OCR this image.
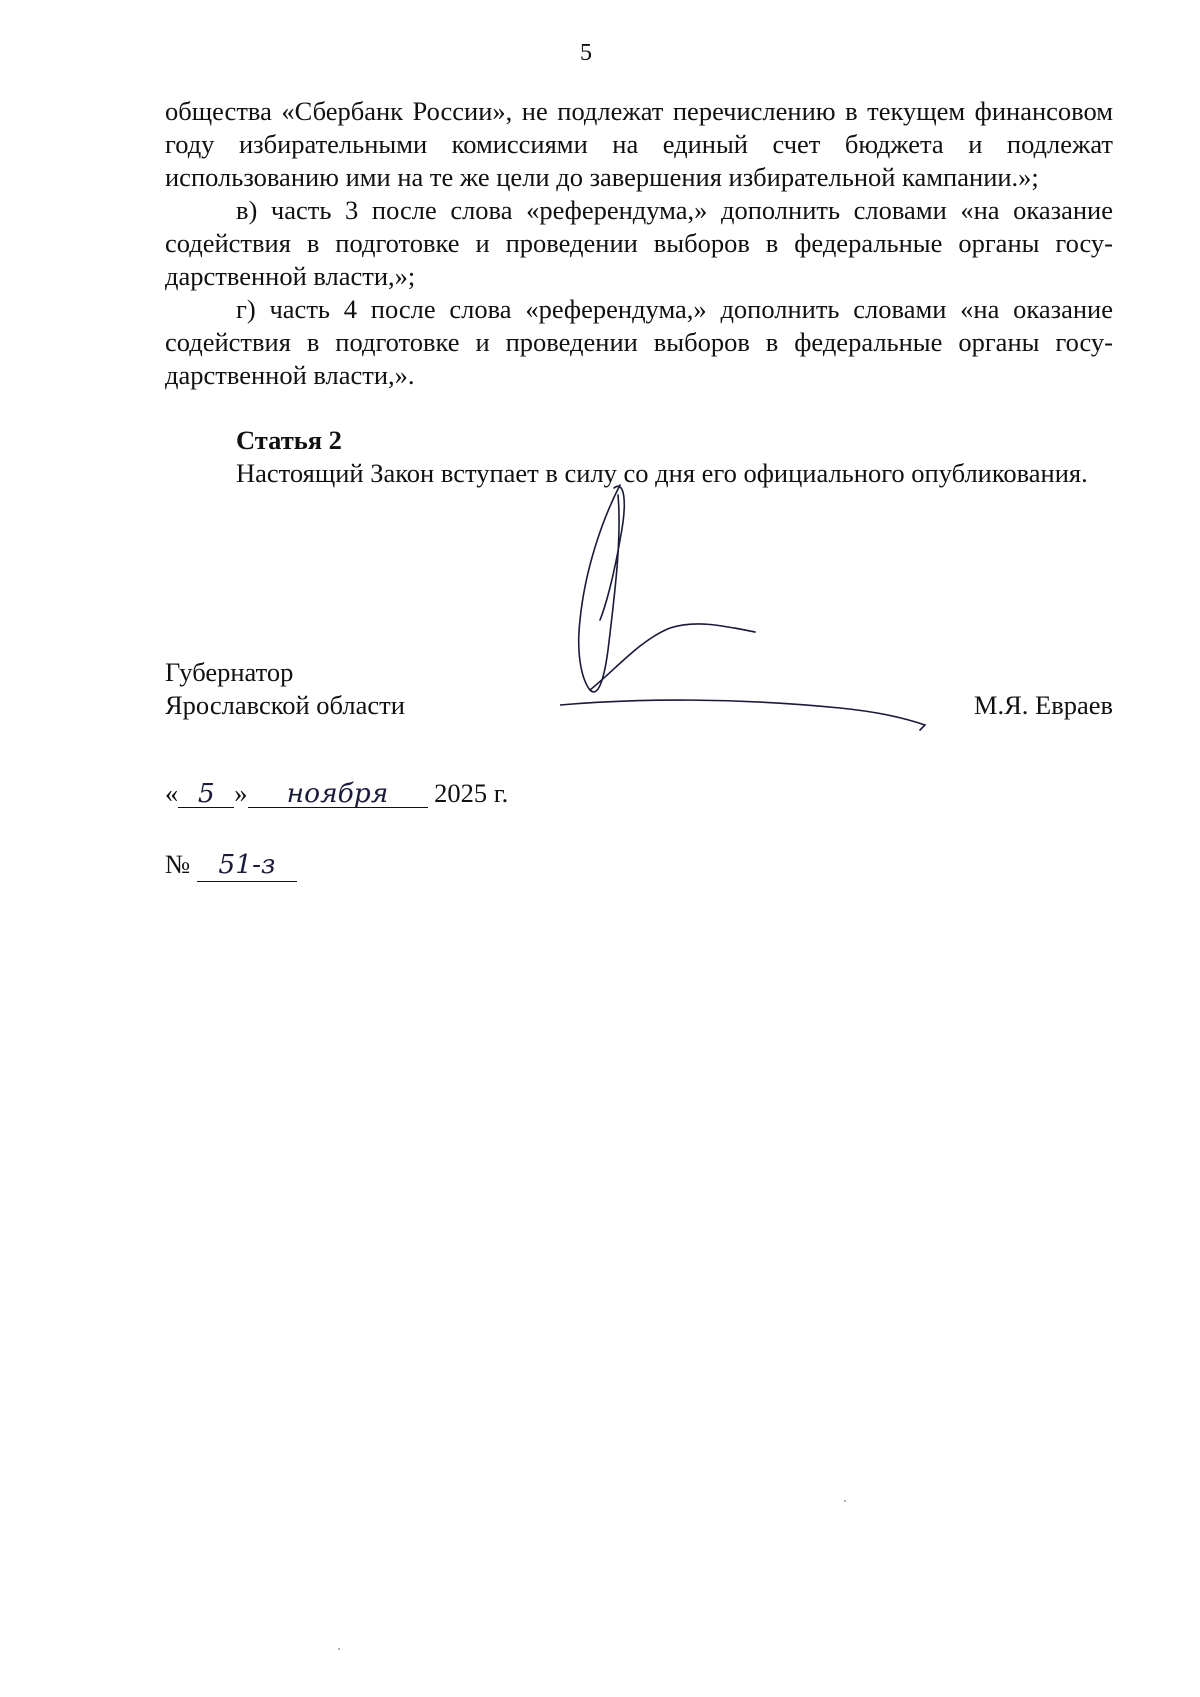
5

общества «Сбербанк России», не подлежат перечислению в текущем финансовом году избирательными комиссиями на единый счет бюджета и подлежат использованию ими на те же цели до завершения избирательной кампании.»;

в) часть 3 после слова «референдума,» дополнить словами «на оказание содействия в подготовке и проведении выборов в федеральные органы государственной власти,»;

г) часть 4 после слова «референдума,» дополнить словами «на оказание содействия в подготовке и проведении выборов в федеральные органы государственной власти,».

Статья 2

Настоящий Закон вступает в силу со дня его официального опубликования.

Губернатор
Ярославской области	М.Я. Евраев
« 5 » ноября 2025 г.
№ 51-з
